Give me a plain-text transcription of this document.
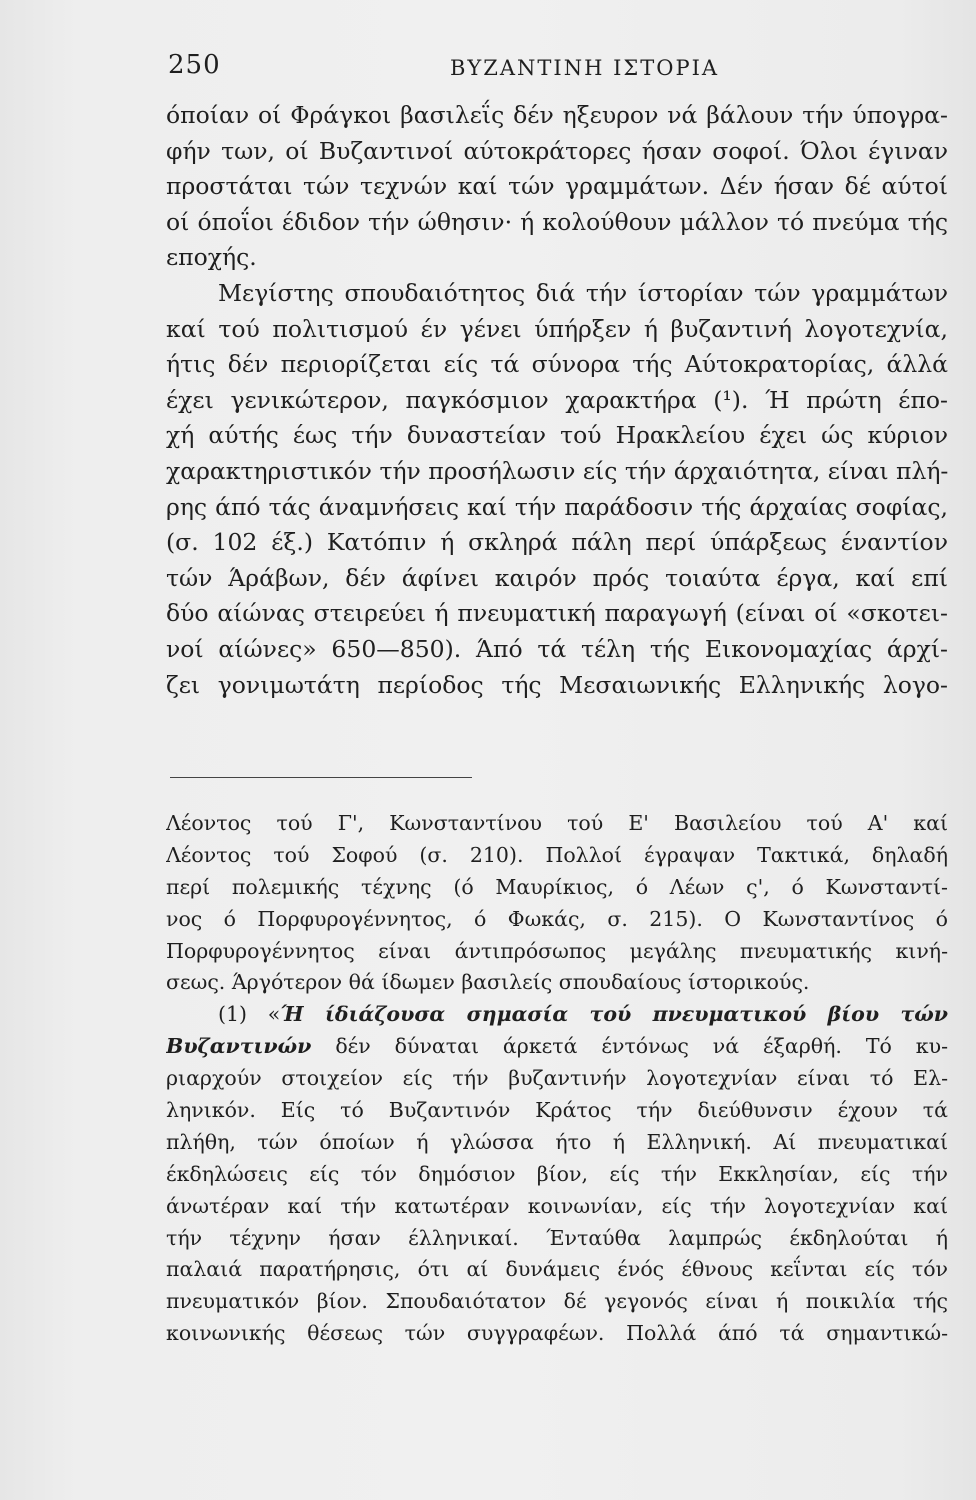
250	ΒΥΖΑΝΤΙΝΗ ΙΣΤΟΡΙΑ
όποίαν οί Φράγκοι βασιλεΐς δέν ηξευρον νά βάλουν τήν ύπογρα-
φήν των, οί Βυζαντινοί αύτοκράτορες ήσαν σοφοί. Όλοι έγιναν
προστάται τών τεχνών καί τών γραμμάτων. Δέν ήσαν δέ αύτοί
οί όποΐοι έδιδον τήν ώθησιν· ή κολούθουν μάλλον τό πνεύμα τής
εποχής.
Μεγίστης σπουδαιότητος διά τήν ίστορίαν τών γραμμάτων
καί τού πολιτισμού έν γένει ύπήρξεν ή βυζαντινή λογοτεχνία,
ήτις δέν περιορίζεται είς τά σύνορα τής Αύτοκρατορίας, άλλά
έχει γενικώτερον, παγκόσμιον χαρακτήρα (¹). Ή πρώτη έπο-
χή αύτής έως τήν δυναστείαν τού Ηρακλείου έχει ώς κύριον
χαρακτηριστικόν τήν προσήλωσιν είς τήν άρχαιότητα, είναι πλή-
ρης άπό τάς άναμνήσεις καί τήν παράδοσιν τής άρχαίας σοφίας,
(σ. 102 έξ.) Κατόπιν ή σκληρά πάλη περί ύπάρξεως έναντίον
τών Άράβων, δέν άφίνει καιρόν πρός τοιαύτα έργα, καί επί
δύο αίώνας στειρεύει ή πνευματική παραγωγή (είναι οί «σκοτει-
νοί αίώνες» 650—850). Άπό τά τέλη τής Εικονομαχίας άρχί-
ζει γονιμωτάτη περίοδος τής Μεσαιωνικής Ελληνικής λογο-
Λέοντος τού Γ', Κωνσταντίνου τού Ε' Βασιλείου τού Α' καί
Λέοντος τού Σοφού (σ. 210). Πολλοί έγραψαν Τακτικά, δηλαδή
περί πολεμικής τέχνης (ό Μαυρίκιος, ό Λέων ς', ό Κωνσταντί-
νος ό Πορφυρογέννητος, ό Φωκάς, σ. 215). Ο Κωνσταντίνος ό
Πορφυρογέννητος είναι άντιπρόσωπος μεγάλης πνευματικής κινή-
σεως. Άργότερον θά ίδωμεν βασιλείς σπουδαίους ίστορικούς.
(1) «Ή ίδιάζουσα σημασία τού πνευματικού βίου τών
Βυζαντινών δέν δύναται άρκετά έντόνως νά έξαρθή. Τό κυ-
ριαρχούν στοιχείον είς τήν βυζαντινήν λογοτεχνίαν είναι τό Ελ-
ληνικόν. Είς τό Βυζαντινόν Κράτος τήν διεύθυνσιν έχουν τά
πλήθη, τών όποίων ή γλώσσα ήτο ή Ελληνική. Αί πνευματικαί
έκδηλώσεις είς τόν δημόσιον βίον, είς τήν Εκκλησίαν, είς τήν
άνωτέραν καί τήν κατωτέραν κοινωνίαν, είς τήν λογοτεχνίαν καί
τήν τέχνην ήσαν έλληνικαί. Ένταύθα λαμπρώς έκδηλούται ή
παλαιά παρατήρησις, ότι αί δυνάμεις ένός έθνους κεΐνται είς τόν
πνευματικόν βίον. Σπουδαιότατον δέ γεγονός είναι ή ποικιλία τής
κοινωνικής θέσεως τών συγγραφέων. Πολλά άπό τά σημαντικώ-
